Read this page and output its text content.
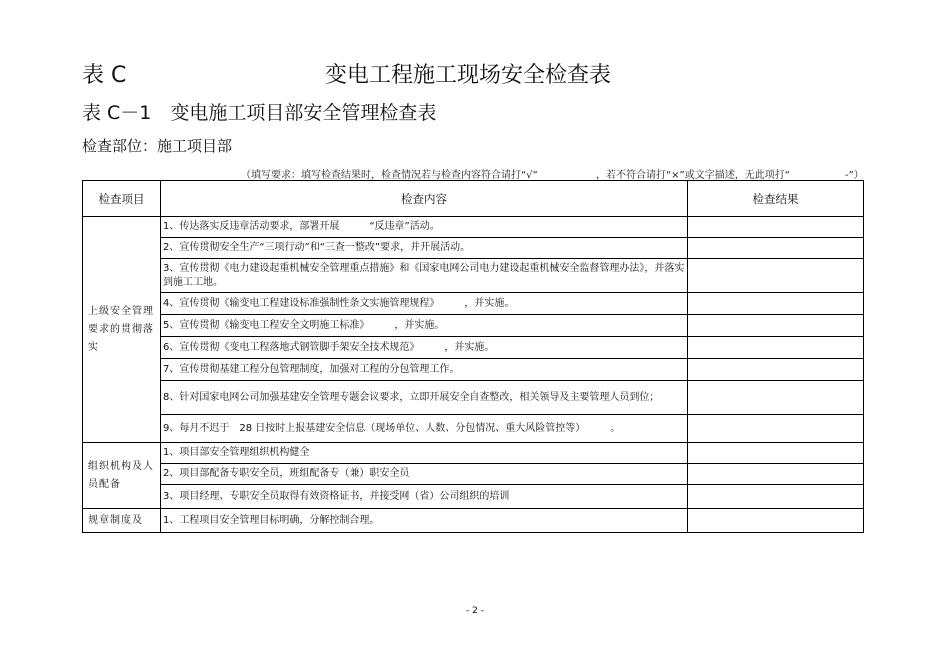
表 C	变电工程施工现场安全检查表
表 C－1　变电施工项目部安全管理检查表
检查部位：施工项目部
（填写要求：填写检查结果时，检查情况若与检查内容符合请打“√”	，若不符合请打“×”或文字描述，无此项打“	-”）
检查项目	检查内容	检查结果
上级安全管理要求的贯彻落实	1、传达落实反违章活动要求，部署开展　　　“反违章”活动。	
	2、宣传贯彻安全生产“三项行动”和“三查一整改”要求，并开展活动。	
	3、宣传贯彻《电力建设起重机械安全管理重点措施》和《国家电网公司电力建设起重机械安全监督管理办法》，并落实到施工工地。	
	4、宣传贯彻《输变电工程建设标准强制性条文实施管理规程》　　　，并实施。	
	5、宣传贯彻《输变电工程安全文明施工标准》　　　，并实施。	
	6、宣传贯彻《变电工程落地式钢管脚手架安全技术规范》　　　，并实施。	
	7、宣传贯彻基建工程分包管理制度，加强对工程的分包管理工作。	
	8、针对国家电网公司加强基建安全管理专题会议要求，立即开展安全自查整改，相关领导及主要管理人员到位；	
	9、每月不迟于　28 日按时上报基建安全信息（现场单位、人数、分包情况、重大风险管控等）　　　。	
组织机构及人员配备	1、项目部安全管理组织机构健全	
	2、项目部配备专职安全员，班组配备专（兼）职安全员	
	3、项目经理、专职安全员取得有效资格证书，并接受网（省）公司组织的培训	
规章制度及	1、工程项目安全管理目标明确，分解控制合理。	
- 2 -
